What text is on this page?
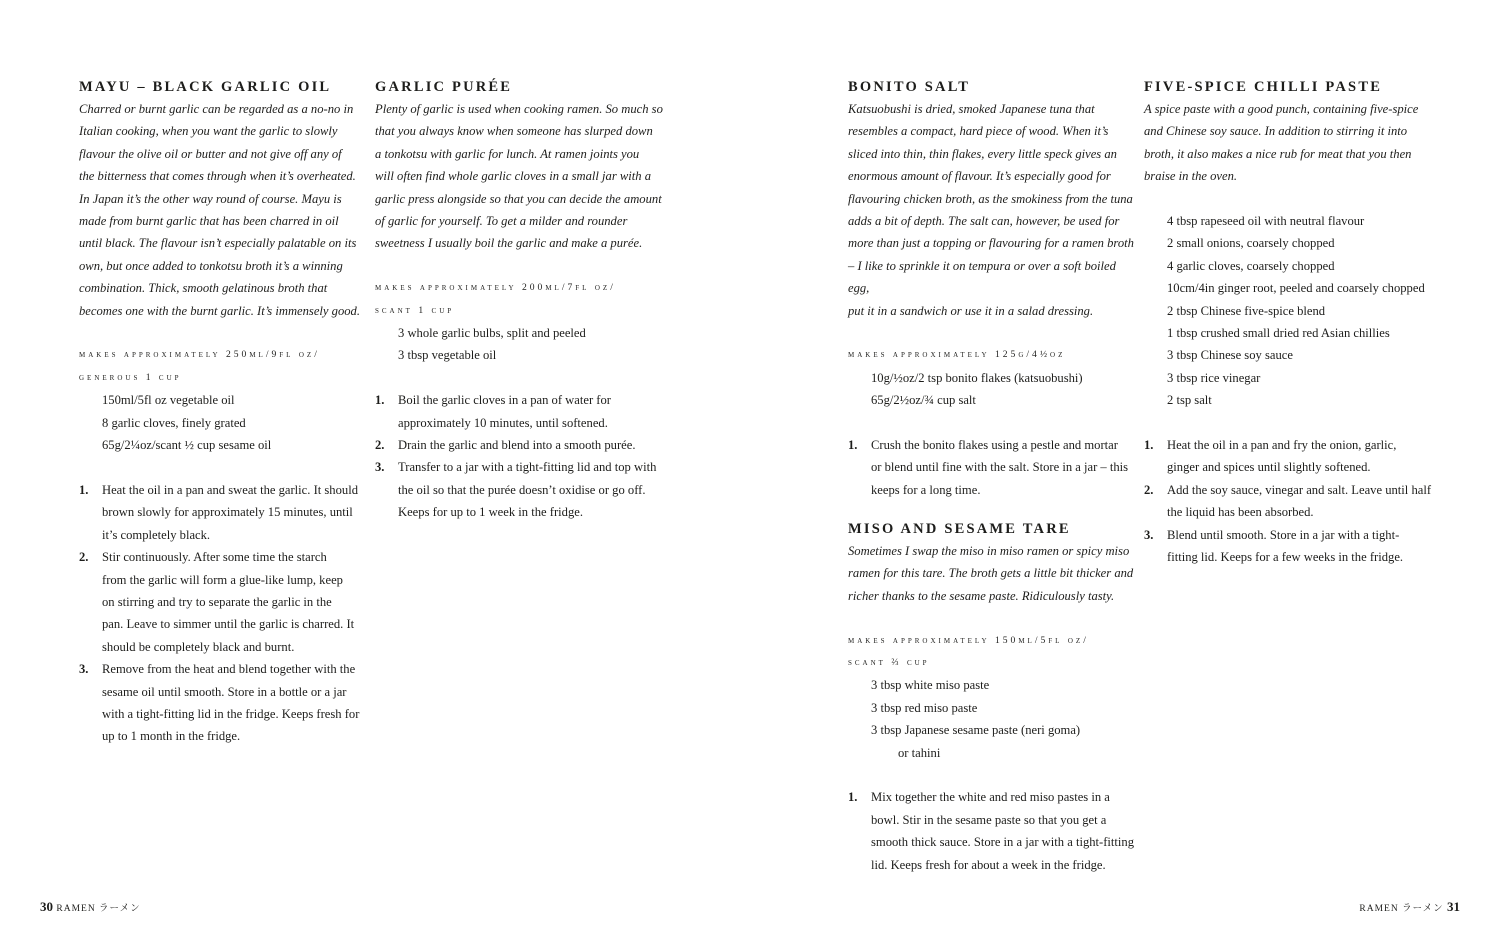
MAYU – BLACK GARLIC OIL
Charred or burnt garlic can be regarded as a no-no in
Italian cooking, when you want the garlic to slowly
flavour the olive oil or butter and not give off any of
the bitterness that comes through when it’s overheated.
In Japan it’s the other way round of course. Mayu is
made from burnt garlic that has been charred in oil
until black. The flavour isn’t especially palatable on its
own, but once added to tonkotsu broth it’s a winning
combination. Thick, smooth gelatinous broth that
becomes one with the burnt garlic. It’s immensely good.
makes approximately 250ml/9fl oz/
generous 1 cup
150ml/5fl oz vegetable oil
8 garlic cloves, finely grated
65g/2¼oz/scant ½ cup sesame oil
1. Heat the oil in a pan and sweat the garlic. It should
brown slowly for approximately 15 minutes, until
it’s completely black.
2. Stir continuously. After some time the starch
from the garlic will form a glue-like lump, keep
on stirring and try to separate the garlic in the
pan. Leave to simmer until the garlic is charred. It
should be completely black and burnt.
3. Remove from the heat and blend together with the
sesame oil until smooth. Store in a bottle or a jar
with a tight-fitting lid in the fridge. Keeps fresh for
up to 1 month in the fridge.
GARLIC PURÉE
Plenty of garlic is used when cooking ramen. So much so
that you always know when someone has slurped down
a tonkotsu with garlic for lunch. At ramen joints you
will often find whole garlic cloves in a small jar with a
garlic press alongside so that you can decide the amount
of garlic for yourself. To get a milder and rounder
sweetness I usually boil the garlic and make a purée.
makes approximately 200ml/7fl oz/
scant 1 cup
3 whole garlic bulbs, split and peeled
3 tbsp vegetable oil
1. Boil the garlic cloves in a pan of water for
approximately 10 minutes, until softened.
2. Drain the garlic and blend into a smooth purée.
3. Transfer to a jar with a tight-fitting lid and top with
the oil so that the purée doesn’t oxidise or go off.
Keeps for up to 1 week in the fridge.
BONITO SALT
Katsuobushi is dried, smoked Japanese tuna that
resembles a compact, hard piece of wood. When it’s
sliced into thin, thin flakes, every little speck gives an
enormous amount of flavour. It’s especially good for
flavouring chicken broth, as the smokiness from the tuna
adds a bit of depth. The salt can, however, be used for
more than just a topping or flavouring for a ramen broth
– I like to sprinkle it on tempura or over a soft boiled egg,
put it in a sandwich or use it in a salad dressing.
makes approximately 125g/4½oz
10g/½oz/2 tsp bonito flakes (katsuobushi)
65g/2½oz/¾ cup salt
1. Crush the bonito flakes using a pestle and mortar
or blend until fine with the salt. Store in a jar – this
keeps for a long time.
MISO AND SESAME TARE
Sometimes I swap the miso in miso ramen or spicy miso
ramen for this tare. The broth gets a little bit thicker and
richer thanks to the sesame paste. Ridiculously tasty.
makes approximately 150ml/5fl oz/
scant ⅔ cup
3 tbsp white miso paste
3 tbsp red miso paste
3 tbsp Japanese sesame paste (neri goma)
or tahini
1. Mix together the white and red miso pastes in a
bowl. Stir in the sesame paste so that you get a
smooth thick sauce. Store in a jar with a tight-fitting
lid. Keeps fresh for about a week in the fridge.
FIVE-SPICE CHILLI PASTE
A spice paste with a good punch, containing five-spice
and Chinese soy sauce. In addition to stirring it into
broth, it also makes a nice rub for meat that you then
braise in the oven.
4 tbsp rapeseed oil with neutral flavour
2 small onions, coarsely chopped
4 garlic cloves, coarsely chopped
10cm/4in ginger root, peeled and coarsely chopped
2 tbsp Chinese five-spice blend
1 tbsp crushed small dried red Asian chillies
3 tbsp Chinese soy sauce
3 tbsp rice vinegar
2 tsp salt
1. Heat the oil in a pan and fry the onion, garlic,
ginger and spices until slightly softened.
2. Add the soy sauce, vinegar and salt. Leave until half
the liquid has been absorbed.
3. Blend until smooth. Store in a jar with a tight-
fitting lid. Keeps for a few weeks in the fridge.
30 RAMEN ラーメン	RAMEN ラーメン 31
